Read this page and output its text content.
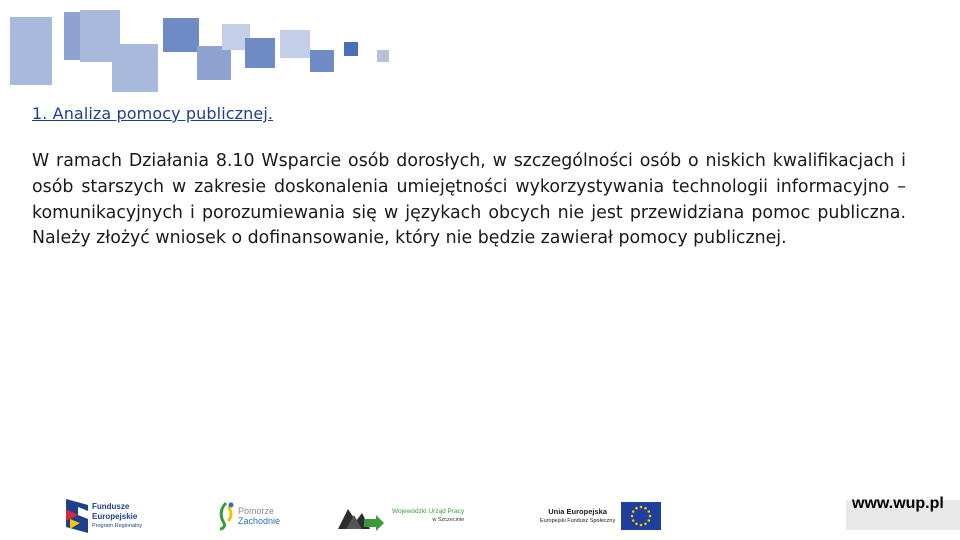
1. Analiza pomocy publicznej.

W ramach Działania 8.10 Wsparcie osób dorosłych, w szczególności osób o niskich kwalifikacjach i osób starszych w zakresie doskonalenia umiejętności wykorzystywania technologii informacyjno – komunikacyjnych i porozumiewania się w językach obcych nie jest przewidziana pomoc publiczna. Należy złożyć wniosek o dofinansowanie, który nie będzie zawierał pomocy publicznej.

Fundusze
Europejskie
Program Regionalny
Pomorze
Zachodnie
Wojewódzki Urząd Pracy
w Szczecinie
Unia Europejska
Europejski Fundusz Społeczny
www.wup.pl
